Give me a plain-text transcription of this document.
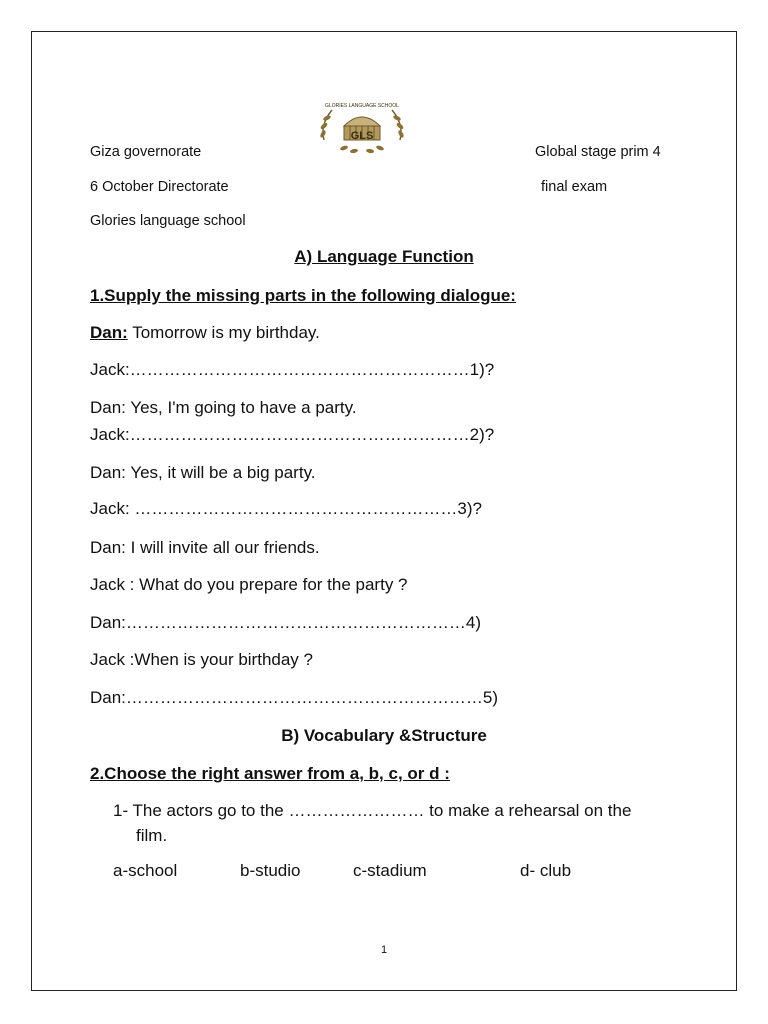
GLS
GLORIES LANGUAGE SCHOOL
Giza governorate
6 October Directorate
Glories language school
Global stage prim 4
final exam
A) Language Function
1.Supply the missing parts in the following dialogue:
Dan: Tomorrow is my birthday.
Jack:……………………………………………………1)?
Dan: Yes, I'm going to have a party.
Jack:……………………………………………………2)?
Dan: Yes, it will be a big party.
Jack: …………………………………………………3)?
Dan: I will invite all our friends.
Jack : What do you prepare for the party ?
Dan:……………………………………………………4)
Jack :When is your birthday ?
Dan:………………………………………………………5)
B) Vocabulary &Structure
2.Choose the right answer from a, b, c, or d :
1- The actors go to the …………………… to make a rehearsal on the
film.
a-school	b-studio	c-stadium	d- club
1
